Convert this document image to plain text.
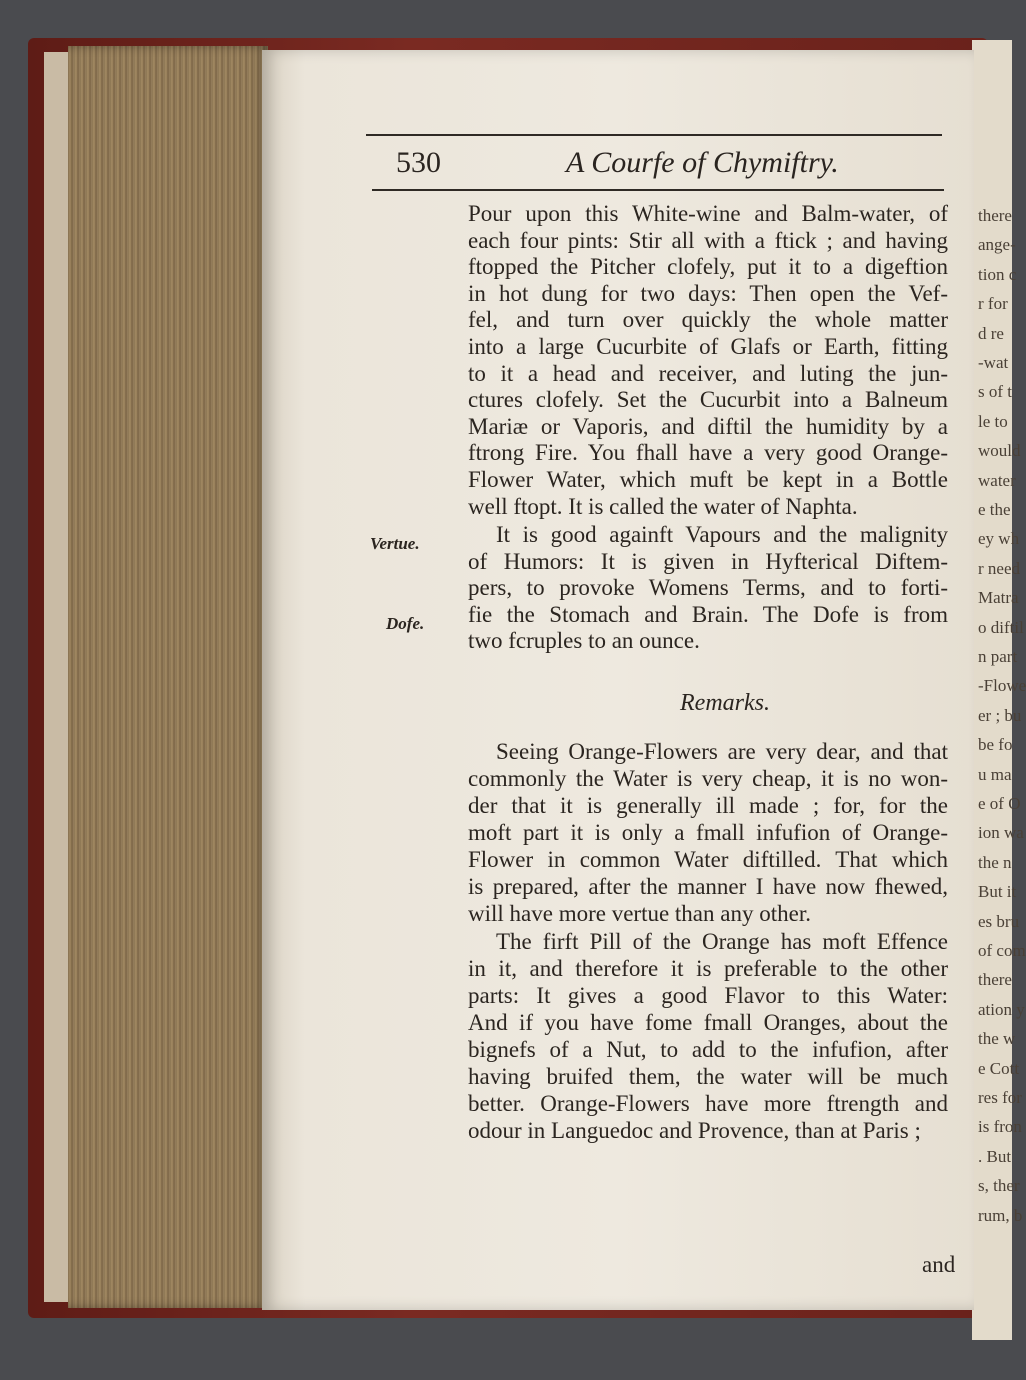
530	A Courfe of Chymiftry.
Pour upon this White-wine and Balm-water, of
each four pints: Stir all with a ftick ; and having
ftopped the Pitcher clofely, put it to a digeftion
in hot dung for two days: Then open the Vef-
fel, and turn over quickly the whole matter
into a large Cucurbite of Glafs or Earth, fitting
to it a head and receiver, and luting the jun-
ctures clofely. Set the Cucurbit into a Balneum
Mariæ or Vaporis, and diftil the humidity by a
ftrong Fire. You fhall have a very good Orange-
Flower Water, which muft be kept in a Bottle
well ftopt. It is called the water of Naphta.
Vertue.
Dofe.
It is good againft Vapours and the malignity
of Humors: It is given in Hyfterical Diftem-
pers, to provoke Womens Terms, and to forti-
fie the Stomach and Brain. The Dofe is from
two fcruples to an ounce.
Remarks.
Seeing Orange-Flowers are very dear, and that
commonly the Water is very cheap, it is no won-
der that it is generally ill made ; for, for the
moft part it is only a fmall infufion of Orange-
Flower in common Water diftilled. That which
is prepared, after the manner I have now fhewed,
will have more vertue than any other.
The firft Pill of the Orange has moft Effence
in it, and therefore it is preferable to the other
parts: It gives a good Flavor to this Water:
And if you have fome fmall Oranges, about the
bignefs of a Nut, to add to the infufion, after
having bruifed them, the water will be much
better. Orange-Flowers have more ftrength and
odour in Languedoc and Provence, than at Paris ;
and
there
ange-
tion c
r for
d re
-wat
s of t
le to
would
water
e the
ey wh
r need
Matra
o diftil
n part
-Flowe
er ; bu
be fo
u ma
e of O
ion wa
the n
But it
es bru
of com
there
ation y
the w
e Cott
res for
is fron
. But
s, ther
rum, b
